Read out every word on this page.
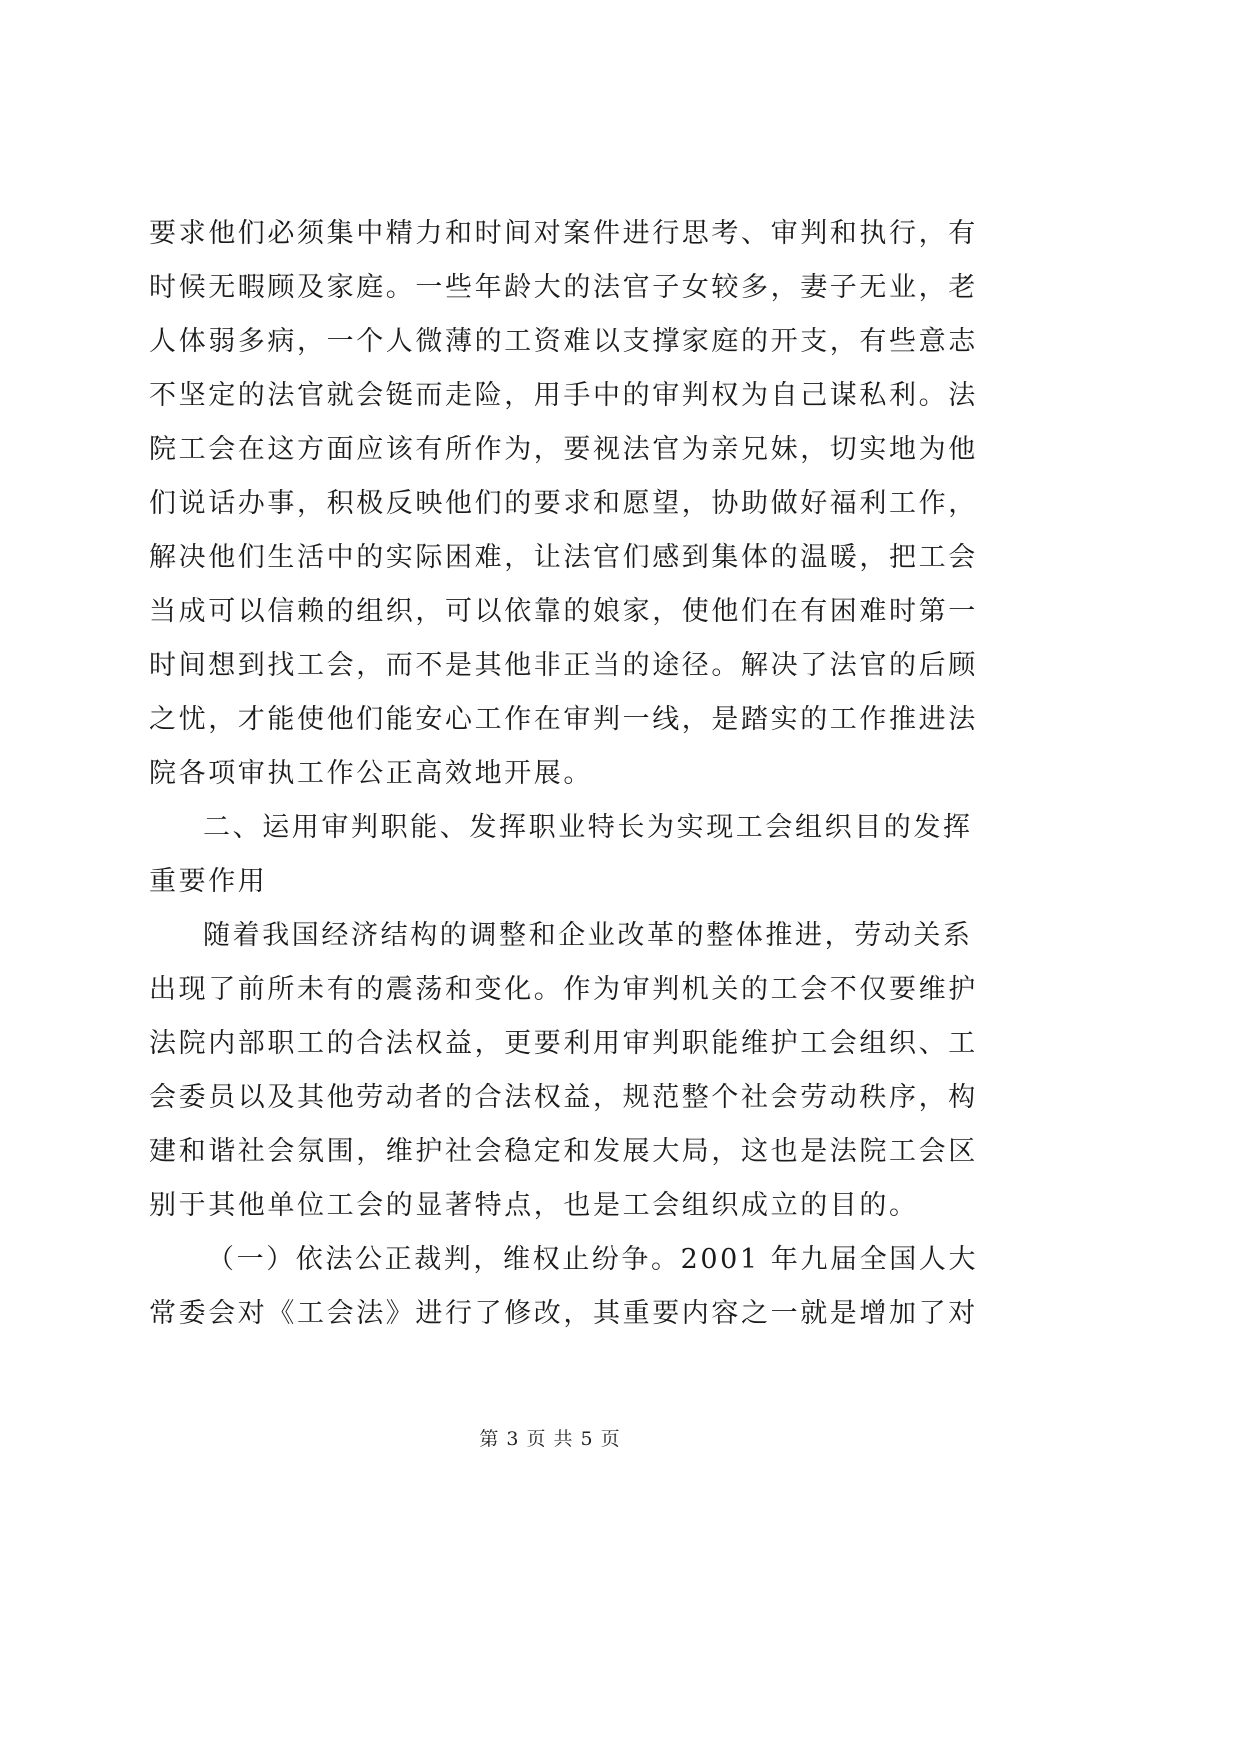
要求他们必须集中精力和时间对案件进行思考、审判和执行，有
时候无暇顾及家庭。一些年龄大的法官子女较多，妻子无业，老
人体弱多病，一个人微薄的工资难以支撑家庭的开支，有些意志
不坚定的法官就会铤而走险，用手中的审判权为自己谋私利。法
院工会在这方面应该有所作为，要视法官为亲兄妹，切实地为他
们说话办事，积极反映他们的要求和愿望，协助做好福利工作，
解决他们生活中的实际困难，让法官们感到集体的温暖，把工会
当成可以信赖的组织，可以依靠的娘家，使他们在有困难时第一
时间想到找工会，而不是其他非正当的途径。解决了法官的后顾
之忧，才能使他们能安心工作在审判一线，是踏实的工作推进法
院各项审执工作公正高效地开展。
二、运用审判职能、发挥职业特长为实现工会组织目的发挥
重要作用
随着我国经济结构的调整和企业改革的整体推进，劳动关系
出现了前所未有的震荡和变化。作为审判机关的工会不仅要维护
法院内部职工的合法权益，更要利用审判职能维护工会组织、工
会委员以及其他劳动者的合法权益，规范整个社会劳动秩序，构
建和谐社会氛围，维护社会稳定和发展大局，这也是法院工会区
别于其他单位工会的显著特点，也是工会组织成立的目的。
（一）依法公正裁判，维权止纷争。2001 年九届全国人大
常委会对《工会法》进行了修改，其重要内容之一就是增加了对
第 3 页 共 5 页
